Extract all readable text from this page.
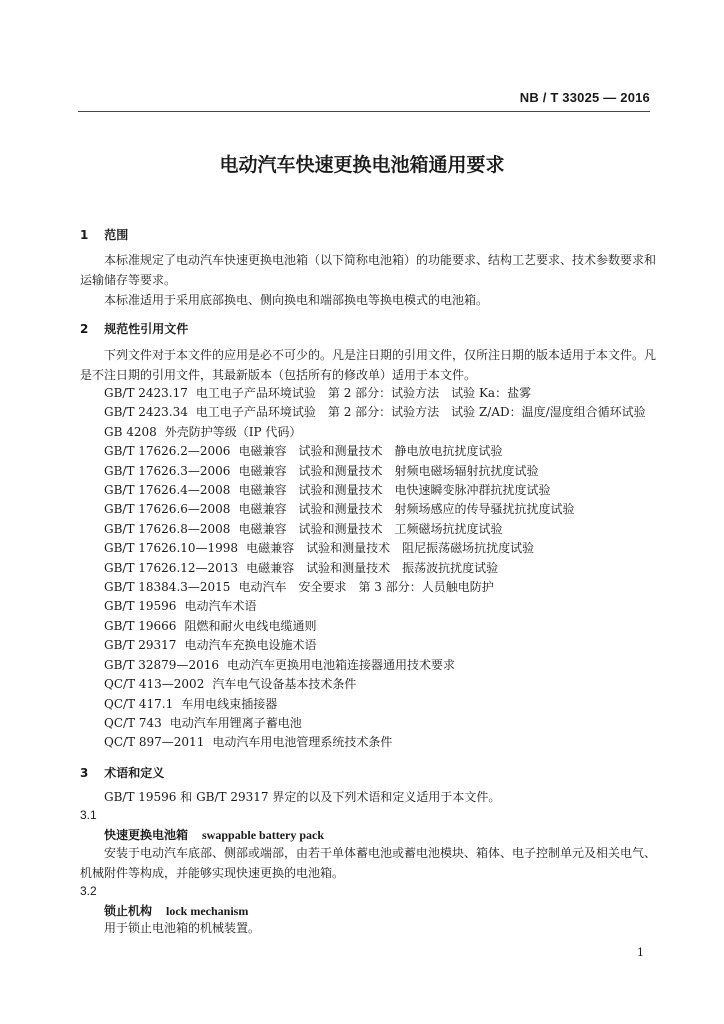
NB / T 33025 — 2016
电动汽车快速更换电池箱通用要求
1 范围
本标准规定了电动汽车快速更换电池箱（以下简称电池箱）的功能要求、结构工艺要求、技术参数要求和运输储存等要求。
本标准适用于采用底部换电、侧向换电和端部换电等换电模式的电池箱。
2 规范性引用文件
下列文件对于本文件的应用是必不可少的。凡是注日期的引用文件，仅所注日期的版本适用于本文件。凡是不注日期的引用文件，其最新版本（包括所有的修改单）适用于本文件。
GB/T 2423.17 电工电子产品环境试验　第 2 部分：试验方法　试验 Ka：盐雾
GB/T 2423.34 电工电子产品环境试验　第 2 部分：试验方法　试验 Z/AD：温度/湿度组合循环试验
GB 4208 外壳防护等级（IP 代码）
GB/T 17626.2—2006 电磁兼容　试验和测量技术　静电放电抗扰度试验
GB/T 17626.3—2006 电磁兼容　试验和测量技术　射频电磁场辐射抗扰度试验
GB/T 17626.4—2008 电磁兼容　试验和测量技术　电快速瞬变脉冲群抗扰度试验
GB/T 17626.6—2008 电磁兼容　试验和测量技术　射频场感应的传导骚扰抗扰度试验
GB/T 17626.8—2008 电磁兼容　试验和测量技术　工频磁场抗扰度试验
GB/T 17626.10—1998 电磁兼容　试验和测量技术　阻尼振荡磁场抗扰度试验
GB/T 17626.12—2013 电磁兼容　试验和测量技术　振荡波抗扰度试验
GB/T 18384.3—2015 电动汽车　安全要求　第 3 部分：人员触电防护
GB/T 19596 电动汽车术语
GB/T 19666 阻燃和耐火电线电缆通则
GB/T 29317 电动汽车充换电设施术语
GB/T 32879—2016 电动汽车更换用电池箱连接器通用技术要求
QC/T 413—2002 汽车电气设备基本技术条件
QC/T 417.1 车用电线束插接器
QC/T 743 电动汽车用锂离子蓄电池
QC/T 897—2011 电动汽车用电池管理系统技术条件
3 术语和定义
GB/T 19596 和 GB/T 29317 界定的以及下列术语和定义适用于本文件。
3.1
快速更换电池箱 swappable battery pack
安装于电动汽车底部、侧部或端部，由若干单体蓄电池或蓄电池模块、箱体、电子控制单元及相关电气、机械附件等构成，并能够实现快速更换的电池箱。
3.2
锁止机构 lock mechanism
用于锁止电池箱的机械装置。
1
